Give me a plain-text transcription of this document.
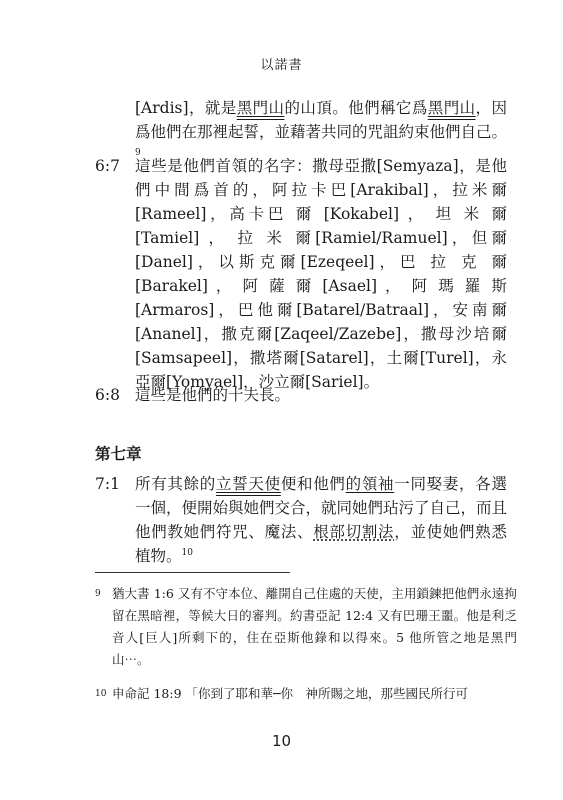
以諾書
[Ardis]，就是黑門山的山頂。他們稱它爲黑門山，因爲他們在那裡起誓，並藉著共同的咒詛約束他們自己。$^9$
6:7 這些是他們首領的名字：撒母亞撒[Semyaza]，是他們中間爲首的，阿拉卡巴[Arakibal]，拉米爾[Rameel]，高卡巴 爾 [Kokabel] ， 坦 米 爾 [Tamiel] ， 拉 米 爾[Ramiel/Ramuel]，但爾[Danel]，以斯克爾[Ezeqeel]，巴 拉 克 爾 [Barakel] ， 阿 薩 爾 [Asael] ， 阿 瑪 羅 斯[Armaros]，巴他爾[Batarel/Batraal]，安南爾[Ananel]，撒克爾[Zaqeel/Zazebe]，撒母沙培爾[Samsapeel]，撒塔爾[Satarel]，土爾[Turel]，永亞爾[Yomyael]，沙立爾[Sariel]。
6:8 這些是他們的十夫長。
第七章
7:1 所有其餘的立誓天使便和他們的領袖一同娶妻，各選一個，便開始與她們交合，就同她們玷污了自己，而且他們教她們符咒、魔法、根部切割法，並使她們熟悉植物。$^{10}$
9 猶大書 1:6 又有不守本位、離開自己住處的天使，主用鎖鍊把他們永遠拘留在黑暗裡，等候大日的審判。約書亞記 12:4 又有巴珊王噩。他是利乏音人[巨人]所剩下的，住在亞斯他錄和以得來。5 他所管之地是黑門山⋯。
10 申命記 18:9 「你到了耶和華─你　神所賜之地，那些國民所行可
10
